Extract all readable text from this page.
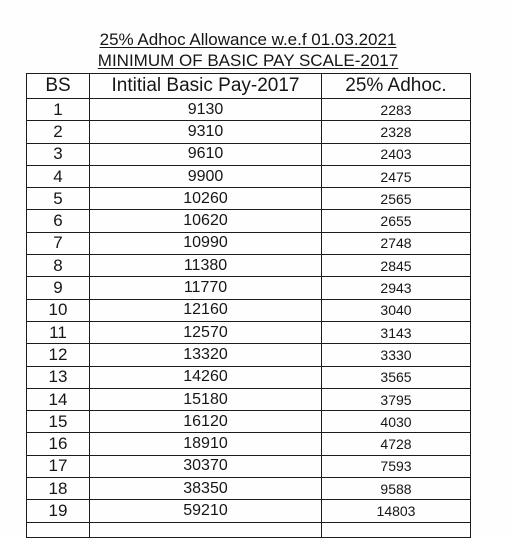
25% Adhoc Allowance w.e.f 01.03.2021
MINIMUM OF BASIC PAY SCALE-2017
BS	Intitial Basic Pay-2017	25% Adhoc.
1	9130	2283
2	9310	2328
3	9610	2403
4	9900	2475
5	10260	2565
6	10620	2655
7	10990	2748
8	11380	2845
9	11770	2943
10	12160	3040
11	12570	3143
12	13320	3330
13	14260	3565
14	15180	3795
15	16120	4030
16	18910	4728
17	30370	7593
18	38350	9588
19	59210	14803
